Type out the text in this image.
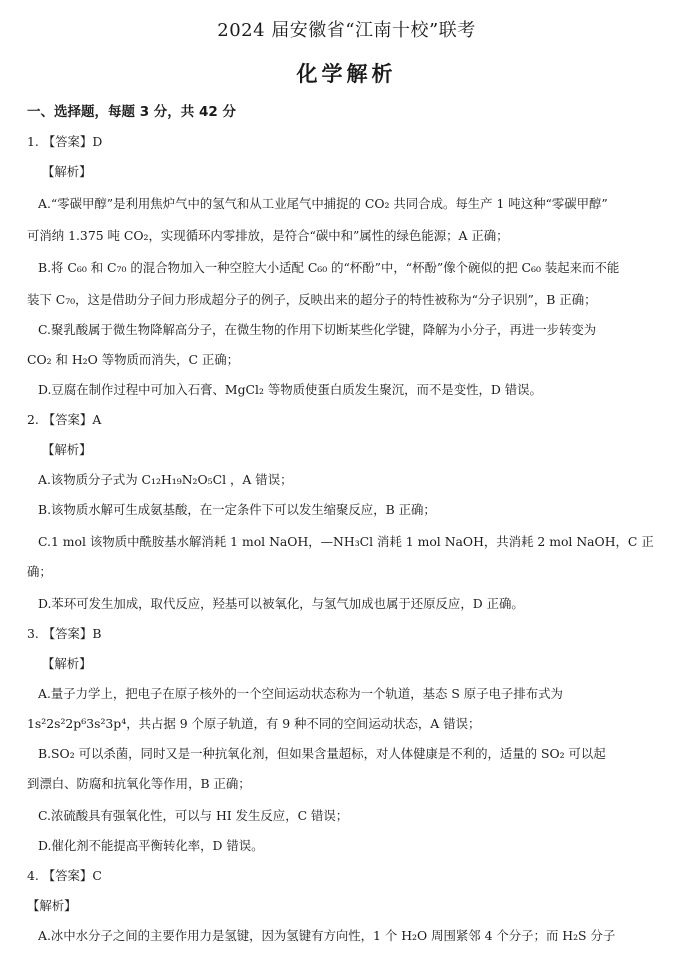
2024 届安徽省“江南十校”联考
化学解析
一、选择题，每题 3 分，共 42 分
1. 【答案】D
【解析】
A.“零碳甲醇”是利用焦炉气中的氢气和从工业尾气中捕捉的 CO₂ 共同合成。每生产 1 吨这种“零碳甲醇”
可消纳 1.375 吨 CO₂，实现循环内零排放，是符合“碳中和”属性的绿色能源；A 正确；
B.将 C₆₀ 和 C₇₀ 的混合物加入一种空腔大小适配 C₆₀ 的“杯酚”中，“杯酚”像个碗似的把 C₆₀ 装起来而不能
装下 C₇₀，这是借助分子间力形成超分子的例子，反映出来的超分子的特性被称为“分子识别”，B 正确；
C.聚乳酸属于微生物降解高分子，在微生物的作用下切断某些化学键，降解为小分子，再进一步转变为
CO₂ 和 H₂O 等物质而消失，C 正确；
D.豆腐在制作过程中可加入石膏、MgCl₂ 等物质使蛋白质发生聚沉，而不是变性，D 错误。
2. 【答案】A
【解析】
A.该物质分子式为 C₁₂H₁₉N₂O₅Cl ，A 错误；
B.该物质水解可生成氨基酸，在一定条件下可以发生缩聚反应，B 正确；
C.1 mol 该物质中酰胺基水解消耗 1 mol NaOH，—NH₃Cl 消耗 1 mol NaOH，共消耗 2 mol NaOH，C 正
确；
D.苯环可发生加成，取代反应，羟基可以被氧化，与氢气加成也属于还原反应，D 正确。
3. 【答案】B
【解析】
A.量子力学上，把电子在原子核外的一个空间运动状态称为一个轨道，基态 S 原子电子排布式为
1s²2s²2p⁶3s²3p⁴，共占据 9 个原子轨道，有 9 种不同的空间运动状态，A 错误；
B.SO₂ 可以杀菌，同时又是一种抗氧化剂，但如果含量超标，对人体健康是不利的，适量的 SO₂ 可以起
到漂白、防腐和抗氧化等作用，B 正确；
C.浓硫酸具有强氧化性，可以与 HI 发生反应，C 错误；
D.催化剂不能提高平衡转化率，D 错误。
4. 【答案】C
【解析】
A.冰中水分子之间的主要作用力是氢键，因为氢键有方向性，1 个 H₂O 周围紧邻 4 个分子；而 H₂S 分子
